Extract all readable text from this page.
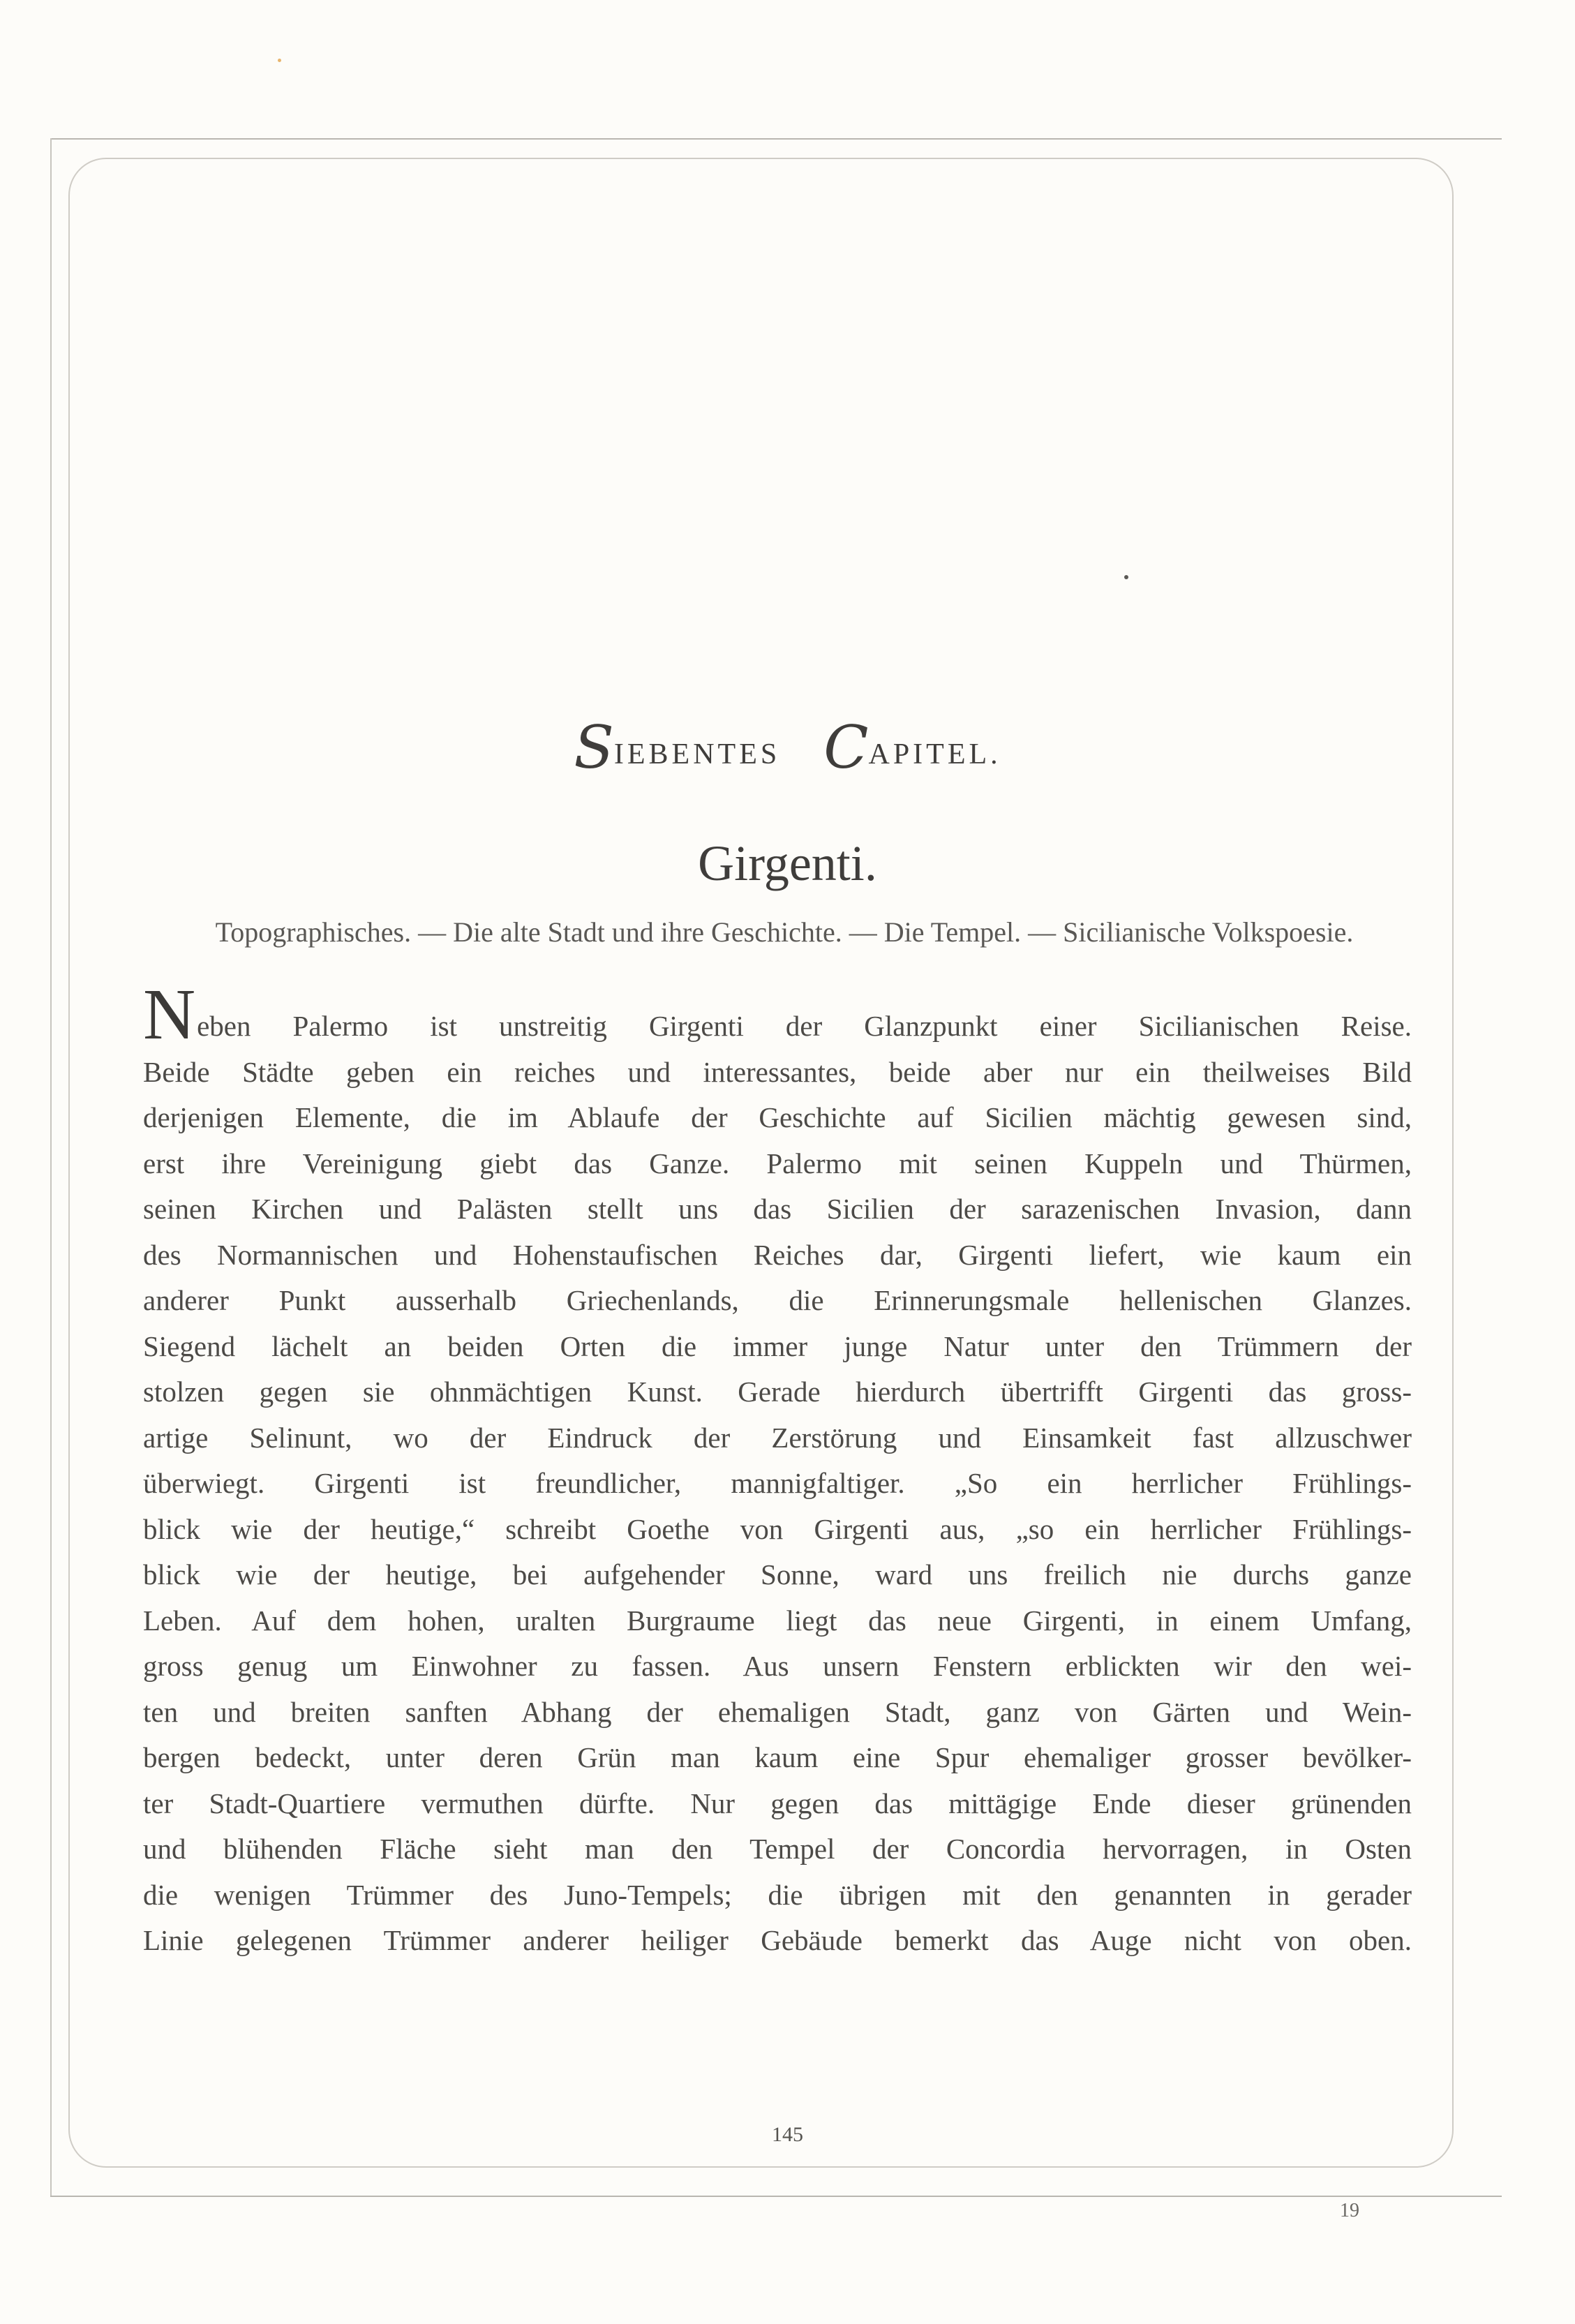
SIEBENTES CAPITEL.
Girgenti.
Topographisches. — Die alte Stadt und ihre Geschichte. — Die Tempel. — Sicilianische Volkspoesie.
Neben Palermo ist unstreitig Girgenti der Glanzpunkt einer Sicilianischen Reise.
Beide Städte geben ein reiches und interessantes, beide aber nur ein theilweises Bild
derjenigen Elemente, die im Ablaufe der Geschichte auf Sicilien mächtig gewesen sind,
erst ihre Vereinigung giebt das Ganze. Palermo mit seinen Kuppeln und Thürmen,
seinen Kirchen und Palästen stellt uns das Sicilien der sarazenischen Invasion, dann
des Normannischen und Hohenstaufischen Reiches dar, Girgenti liefert, wie kaum ein
anderer Punkt ausserhalb Griechenlands, die Erinnerungsmale hellenischen Glanzes.
Siegend lächelt an beiden Orten die immer junge Natur unter den Trümmern der
stolzen gegen sie ohnmächtigen Kunst. Gerade hierdurch übertrifft Girgenti das gross-
artige Selinunt, wo der Eindruck der Zerstörung und Einsamkeit fast allzuschwer
überwiegt. Girgenti ist freundlicher, mannigfaltiger. „So ein herrlicher Frühlings-
blick wie der heutige,“ schreibt Goethe von Girgenti aus, „so ein herrlicher Frühlings-
blick wie der heutige, bei aufgehender Sonne, ward uns freilich nie durchs ganze
Leben. Auf dem hohen, uralten Burgraume liegt das neue Girgenti, in einem Umfang,
gross genug um Einwohner zu fassen. Aus unsern Fenstern erblickten wir den wei-
ten und breiten sanften Abhang der ehemaligen Stadt, ganz von Gärten und Wein-
bergen bedeckt, unter deren Grün man kaum eine Spur ehemaliger grosser bevölker-
ter Stadt-Quartiere vermuthen dürfte. Nur gegen das mittägige Ende dieser grünenden
und blühenden Fläche sieht man den Tempel der Concordia hervorragen, in Osten
die wenigen Trümmer des Juno-Tempels; die übrigen mit den genannten in gerader
Linie gelegenen Trümmer anderer heiliger Gebäude bemerkt das Auge nicht von oben.
145
19
